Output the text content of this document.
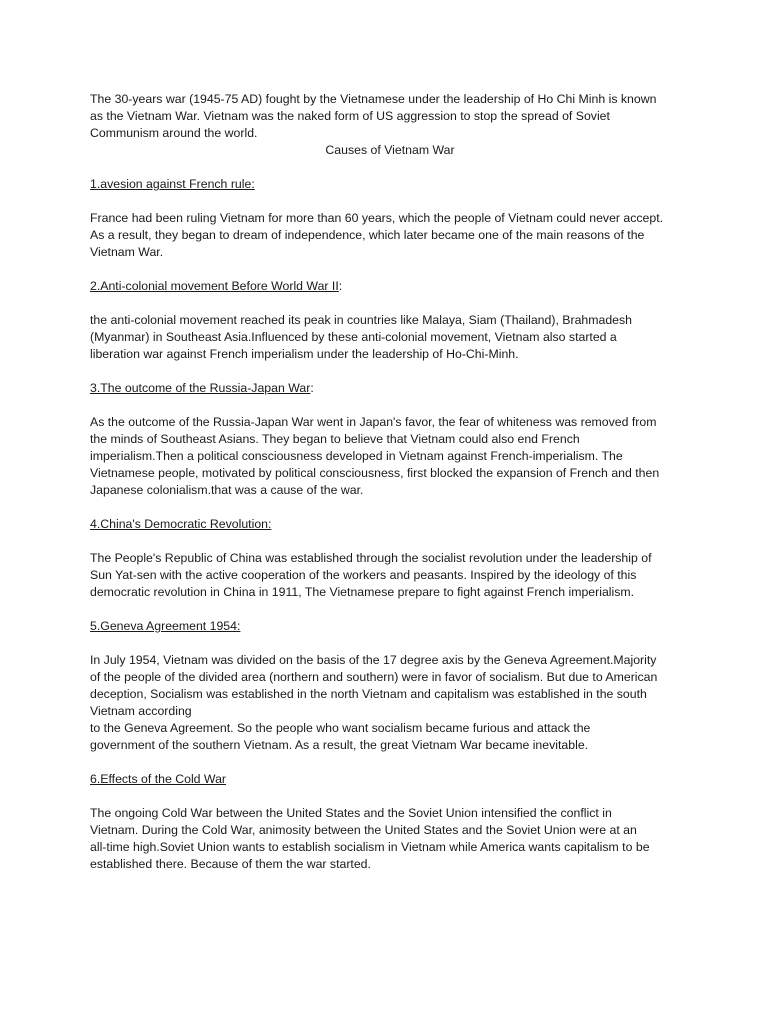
The 30-years war (1945-75 AD) fought by the Vietnamese under the leadership of Ho Chi Minh is known
as the Vietnam War. Vietnam was the naked form of US aggression to stop the spread of Soviet
Communism around the world.

Causes of Vietnam War

1.avesion against French rule:

France had been ruling Vietnam for more than 60 years, which the people of Vietnam could never accept.
As a result, they began to dream of independence, which later became one of the main reasons of the
Vietnam War.

2.Anti-colonial movement Before World War II:

the anti-colonial movement reached its peak in countries like Malaya, Siam (Thailand), Brahmadesh
(Myanmar) in Southeast Asia.Influenced by these anti-colonial movement, Vietnam also started a
liberation war against French imperialism under the leadership of Ho-Chi-Minh.

3.The outcome of the Russia-Japan War:

As the outcome of the Russia-Japan War went in Japan's favor, the fear of whiteness was removed from
the minds of Southeast Asians. They began to believe that Vietnam could also end French
imperialism.Then a political consciousness developed in Vietnam against French-imperialism. The
Vietnamese people, motivated by political consciousness, first blocked the expansion of French and then
Japanese colonialism.that was a cause of the war.

4.China's Democratic Revolution:

The People's Republic of China was established through the socialist revolution under the leadership of
Sun Yat-sen with the active cooperation of the workers and peasants. Inspired by the ideology of this
democratic revolution in China in 1911, The Vietnamese prepare to fight against French imperialism.

5.Geneva Agreement 1954:

In July 1954, Vietnam was divided on the basis of the 17 degree axis by the Geneva Agreement.Majority
of the people of the divided area (northern and southern) were in favor of socialism. But due to American
deception, Socialism was established in the north Vietnam and capitalism was established in the south
Vietnam according
to the Geneva Agreement. So the people who want socialism became furious and attack the
government of the southern Vietnam. As a result, the great Vietnam War became inevitable.

6.Effects of the Cold War

The ongoing Cold War between the United States and the Soviet Union intensified the conflict in
Vietnam. During the Cold War, animosity between the United States and the Soviet Union were at an
all-time high.Soviet Union wants to establish socialism in Vietnam while America wants capitalism to be
established there. Because of them the war started.
